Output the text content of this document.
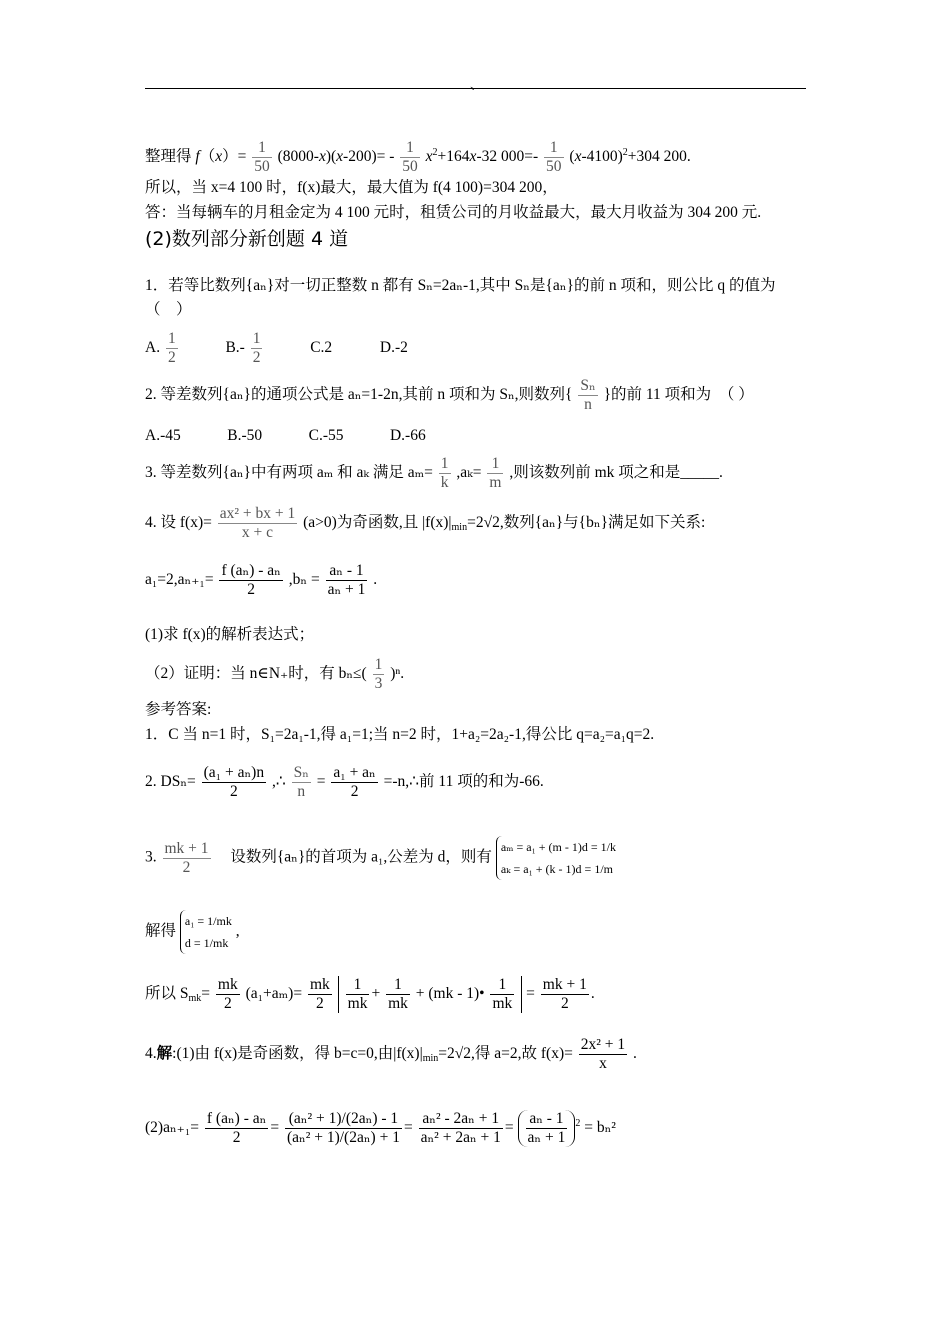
、
整理得 $f(x)= \frac{1}{50} (8000-x)(x-200)= - \frac{1}{50} x^2+164x-32$ $000=- \frac{1}{50} (x-4100)^2+304$ 200.
所以，当 x=4 100 时，f(x)最大，最大值为 f(4 100)=304 200，
答：当每辆车的月租金定为 4 100 元时，租赁公司的月收益最大，最大月收益为 304 200 元.
(2)数列部分新创题 4 道
1．若等比数列{aₙ}对一切正整数 n 都有 Sₙ=2aₙ-1,其中 Sₙ是{aₙ}的前 n 项和，则公比 q 的值为
（　）
A. $\frac{1}{2}$	$B.- \frac{1}{2}$	C.2	D.-2
2. 等差数列{aₙ}的通项公式是 aₙ=1-2n,其前 n 项和为 Sₙ,则数列{ $\frac{\text{Sₙ}}{n}$ }的前 11 项和为　（ ）
A.-45　　　B.-50　　　C.-55　　　D.-66
3. 等差数列{aₙ}中有两项 aₘ 和 aₖ 满足 $a_m= \frac{1}{k} ,a_k= \frac{1}{m}$ ,则该数列前 mk 项之和是_____.
4. 设 $f(x)= \frac{\text{ax² + bx + 1}}{x + c} (a>0)$为奇函数,且 $|f(x)|_{min}=2√2$,数列{aₙ}与{bₙ}满足如下关系:
$a_1=2,a_{n+1}= \frac{\text{f (aₙ) - aₙ}}{2} ,b_n = \frac{\text{aₙ - 1}}{\text{aₙ + 1}}$ .
(1)求 f(x)的解析表达式；
（2）证明：当 n∈N₊时，有 $b_n\le( \frac{1}{3} )^n$.
参考答案:
1．C 当 n=1 时，S₁=2a₁-1,得 a₁=1;当 n=2 时，1+a₂=2a₂-1,得公比 q=a₂=a₁q=2.
2. $DS_n= \frac{\text{(a₁ + aₙ)n}}{2}$ ,∴ $\frac{\text{Sₙ}}{n} = \frac{\text{a₁ + aₙ}}{2}$ =-n,∴前 11 项的和为-66.
3. $\frac{mk + 1}{2}$ 设数列{aₙ}的首项为 a₁,公差为 d，则有
aₘ = a₁ + (m - 1)d = 1/k
aₖ = a₁ + (k - 1)d = 1/m
解得
a₁ = 1/mk
d = 1/mk
,
所以 $S_{mk}= \frac{mk}{2} (a_1+a_m)= \frac{mk}{2}$
$\frac{1}{mk} + \frac{1}{mk} + (mk$ - 1)• $\frac{1}{mk} = \frac{mk + 1}{2}$ .
4.解:(1)由 f(x)是奇函数，得 b=c=0,由$|f(x)|_{min}=2√2$,得 a=2,故 $f(x)= \frac{\text{2x² + 1}}{x}$ .
$(2)a_{n+1}= \frac{\text{f (aₙ) - aₙ}}{2} = \frac{\text{(aₙ² + 1)/(2aₙ) - 1}}{\text{(aₙ² + 1)/(2aₙ) + 1}} = \frac{\text{aₙ² - 2aₙ + 1}}{\text{aₙ² + 2aₙ + 1}} = \frac{\text{aₙ - 1}}{\text{aₙ + 1}} ^2 = b_n^2$
